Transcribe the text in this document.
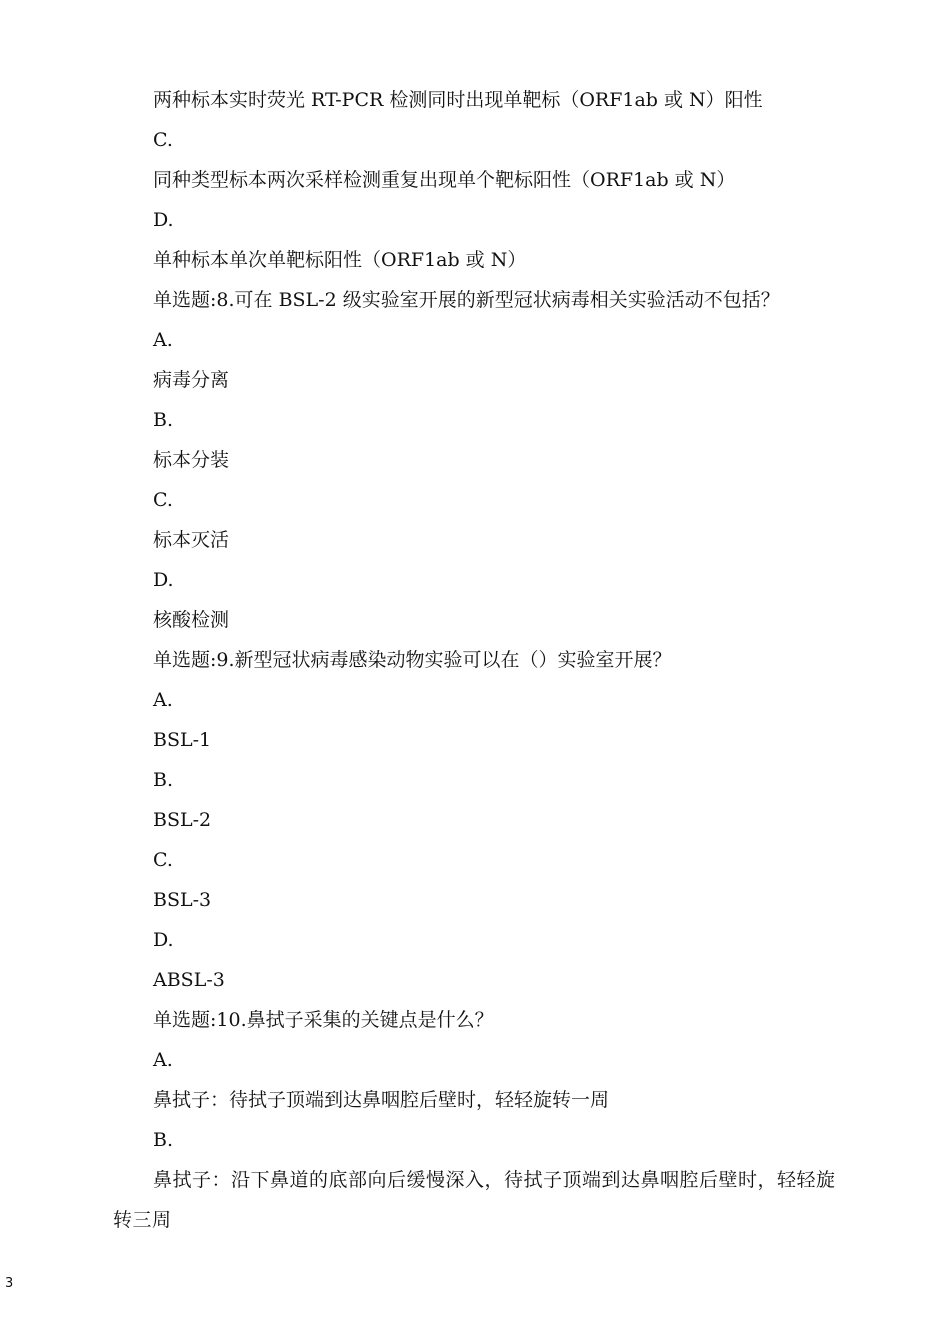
两种标本实时荧光 RT-PCR 检测同时出现单靶标（ORF1ab 或 N）阳性
C.
同种类型标本两次采样检测重复出现单个靶标阳性（ORF1ab 或 N）
D.
单种标本单次单靶标阳性（ORF1ab 或 N）
单选题:8.可在 BSL-2 级实验室开展的新型冠状病毒相关实验活动不包括？
A.
病毒分离
B.
标本分装
C.
标本灭活
D.
核酸检测
单选题:9.新型冠状病毒感染动物实验可以在（）实验室开展？
A.
BSL-1
B.
BSL-2
C.
BSL-3
D.
ABSL-3
单选题:10.鼻拭子采集的关键点是什么？
A.
鼻拭子：待拭子顶端到达鼻咽腔后壁时，轻轻旋转一周
B.
鼻拭子：沿下鼻道的底部向后缓慢深入，待拭子顶端到达鼻咽腔后壁时，轻轻旋转三周
3
